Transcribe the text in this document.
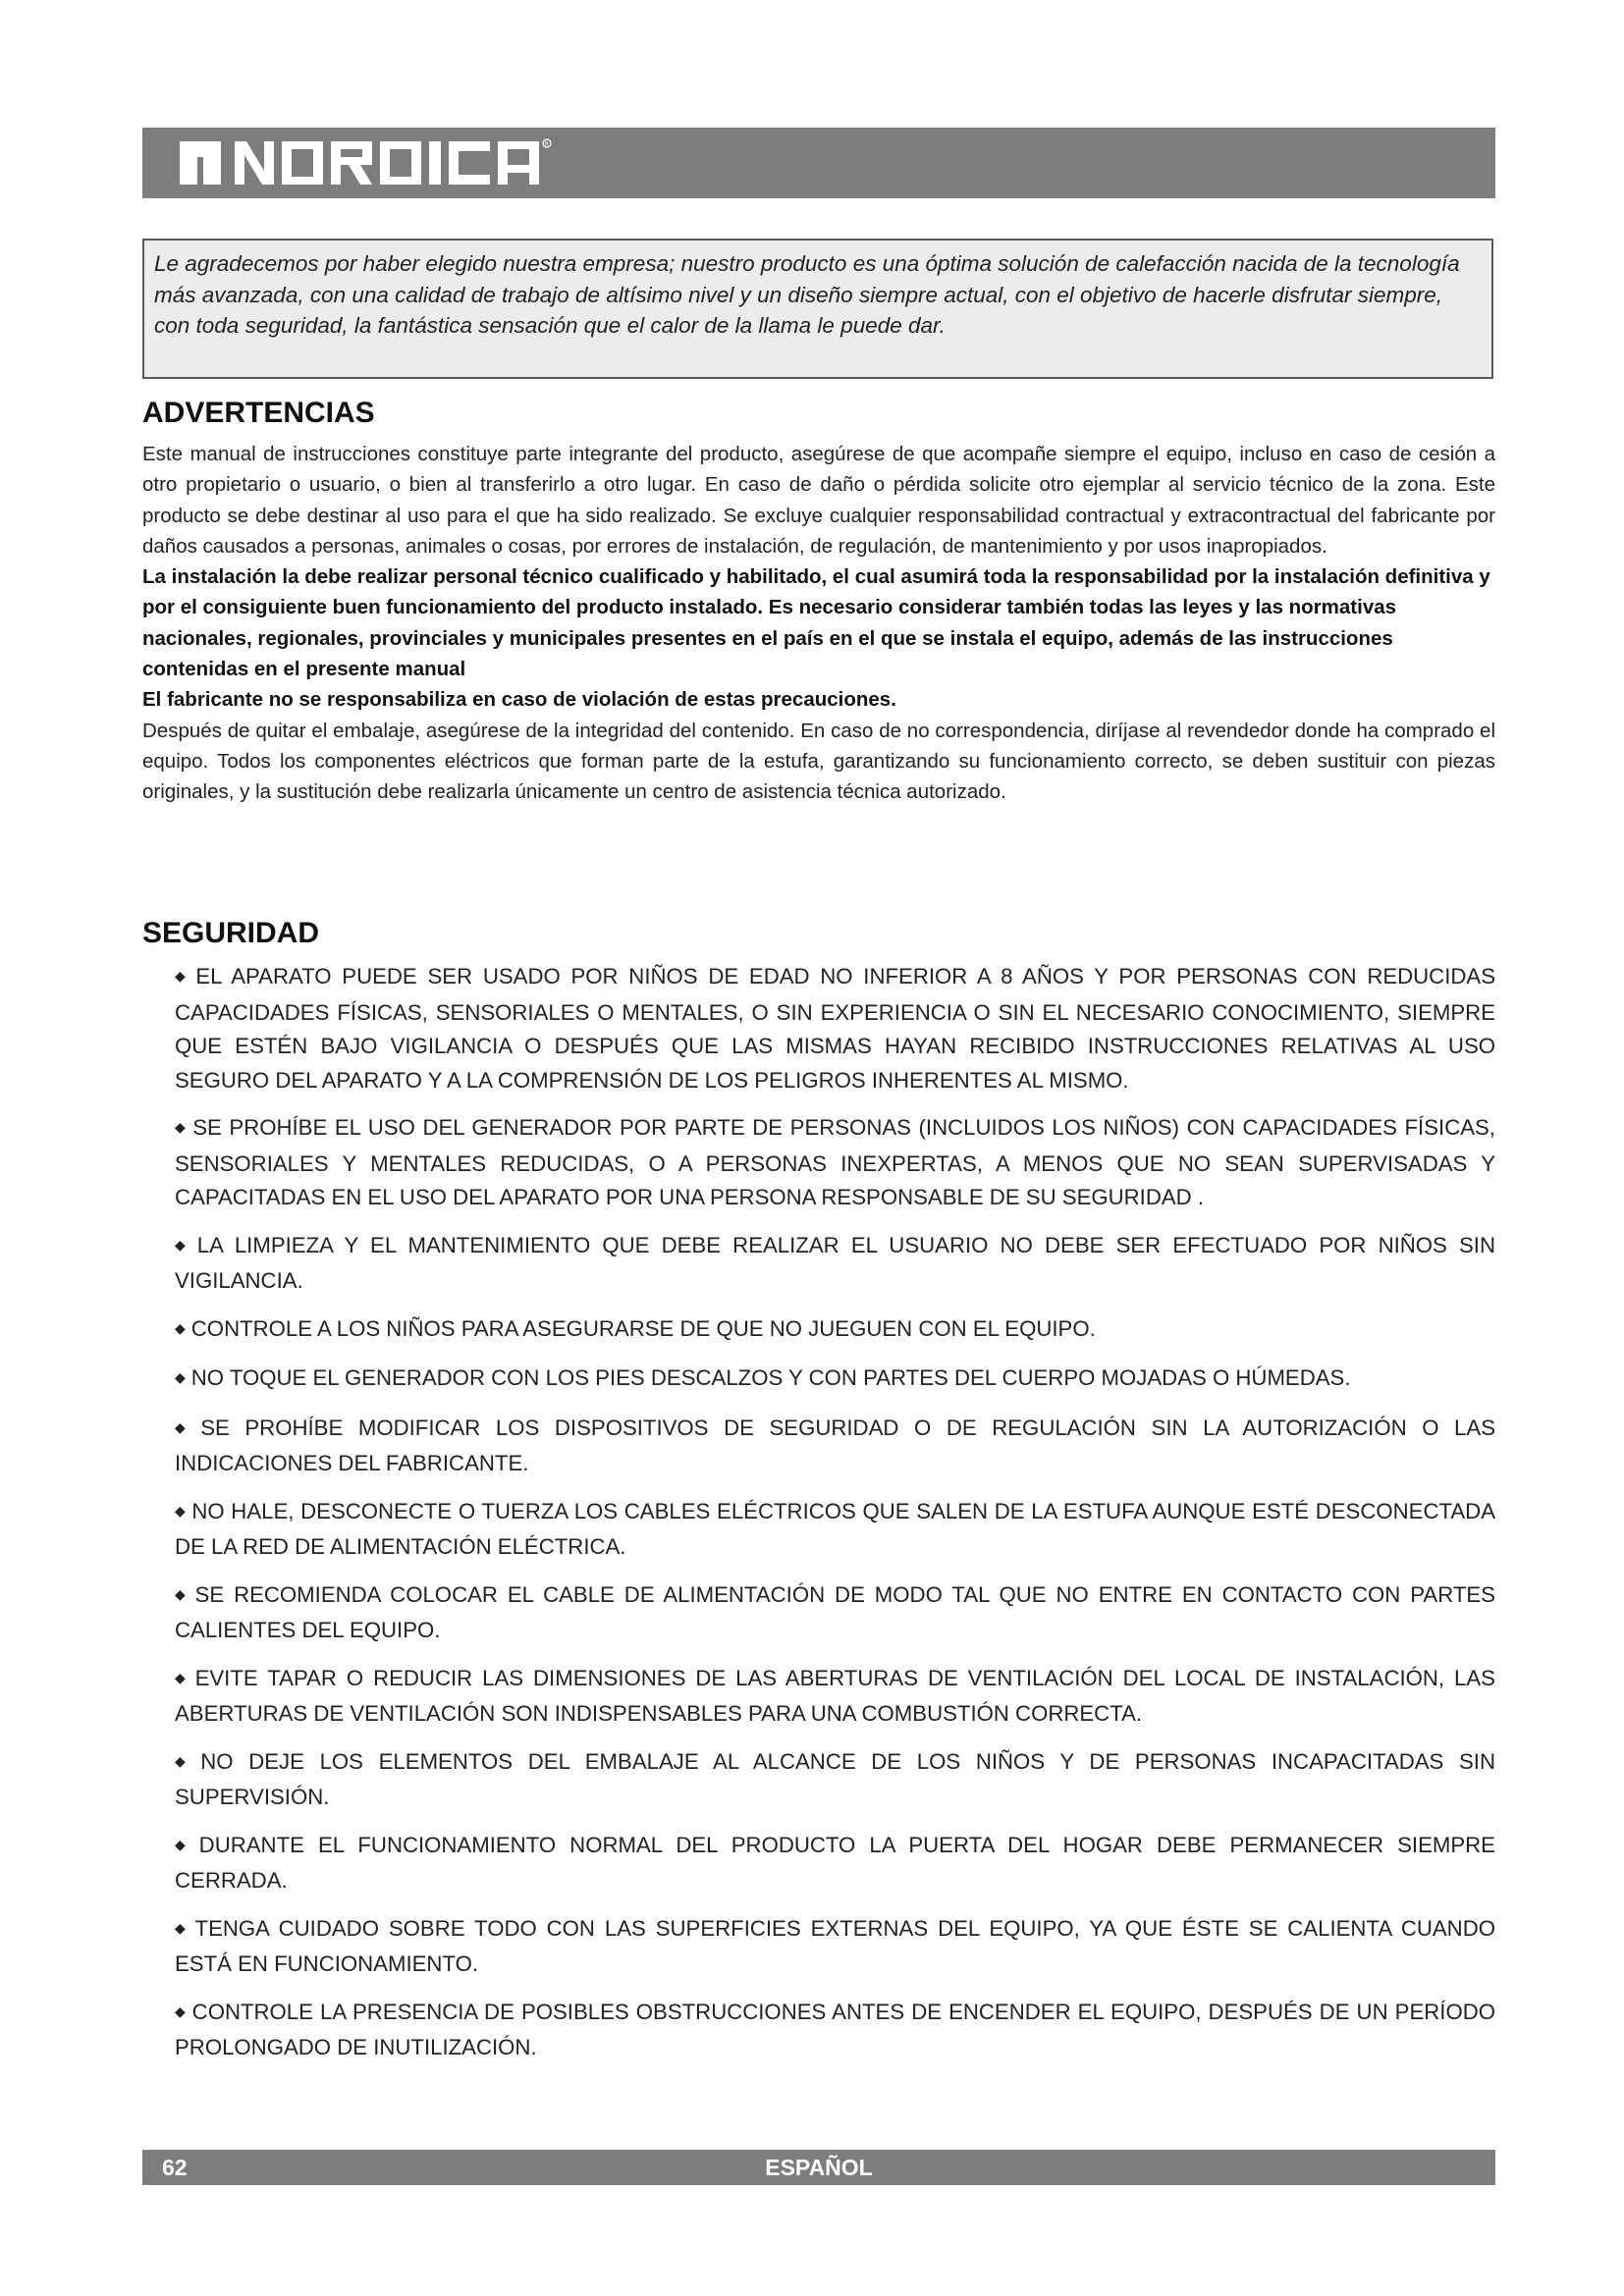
R

Le agradecemos por haber elegido nuestra empresa; nuestro producto es una óptima solución de calefacción nacida de la tecnología más avanzada, con una calidad de trabajo de altísimo nivel y un diseño siempre actual, con el objetivo de hacerle disfrutar siempre, con toda seguridad, la fantástica sensación que el calor de la llama le puede dar.

ADVERTENCIAS

Este manual de instrucciones constituye parte integrante del producto, asegúrese de que acompañe siempre el equipo, incluso en caso de cesión a otro propietario o usuario, o bien al transferirlo a otro lugar. En caso de daño o pérdida solicite otro ejemplar al servicio técnico de la zona. Este producto se debe destinar al uso para el que ha sido realizado. Se excluye cualquier responsabilidad contractual y extracontractual del fabricante por daños causados a personas, animales o cosas, por errores de instalación, de regulación, de mantenimiento y por usos inapropiados.

La instalación la debe realizar personal técnico cualificado y habilitado, el cual asumirá toda la responsabilidad por la instalación definitiva y por el consiguiente buen funcionamiento del producto instalado. Es necesario considerar también todas las leyes y las normativas nacionales, regionales, provinciales y municipales presentes en el país en el que se instala el equipo, además de las instrucciones contenidas en el presente manual

El fabricante no se responsabiliza en caso de violación de estas precauciones.

Después de quitar el embalaje, asegúrese de la integridad del contenido. En caso de no correspondencia, diríjase al revendedor donde ha comprado el equipo. Todos los componentes eléctricos que forman parte de la estufa, garantizando su funcionamiento correcto, se deben sustituir con piezas originales, y la sustitución debe realizarla únicamente un centro de asistencia técnica autorizado.

SEGURIDAD
◆ EL APARATO PUEDE SER USADO POR NIÑOS DE EDAD NO INFERIOR A 8 AÑOS Y POR PERSONAS CON REDUCIDAS CAPACIDADES FÍSICAS, SENSORIALES O MENTALES, O SIN EXPERIENCIA O SIN EL NECESARIO CONOCIMIENTO, SIEMPRE QUE ESTÉN BAJO VIGILANCIA O DESPUÉS QUE LAS MISMAS HAYAN RECIBIDO INSTRUCCIONES RELATIVAS AL USO SEGURO DEL APARATO Y A LA COMPRENSIÓN DE LOS PELIGROS INHERENTES AL MISMO.
◆ SE PROHÍBE EL USO DEL GENERADOR POR PARTE DE PERSONAS (INCLUIDOS LOS NIÑOS) CON CAPACIDADES FÍSICAS, SENSORIALES Y MENTALES REDUCIDAS, O A PERSONAS INEXPERTAS, A MENOS QUE NO SEAN SUPERVISADAS Y CAPACITADAS EN EL USO DEL APARATO POR UNA PERSONA RESPONSABLE DE SU SEGURIDAD .
◆ LA LIMPIEZA Y EL MANTENIMIENTO QUE DEBE REALIZAR EL USUARIO NO DEBE SER EFECTUADO POR NIÑOS SIN VIGILANCIA.
◆ CONTROLE A LOS NIÑOS PARA ASEGURARSE DE QUE NO JUEGUEN CON EL EQUIPO.
◆ NO TOQUE EL GENERADOR CON LOS PIES DESCALZOS Y CON PARTES DEL CUERPO MOJADAS O HÚMEDAS.
◆ SE PROHÍBE MODIFICAR LOS DISPOSITIVOS DE SEGURIDAD O DE REGULACIÓN SIN LA AUTORIZACIÓN O LAS INDICACIONES DEL FABRICANTE.
◆ NO HALE, DESCONECTE O TUERZA LOS CABLES ELÉCTRICOS QUE SALEN DE LA ESTUFA AUNQUE ESTÉ DESCONECTADA DE LA RED DE ALIMENTACIÓN ELÉCTRICA.
◆ SE RECOMIENDA COLOCAR EL CABLE DE ALIMENTACIÓN DE MODO TAL QUE NO ENTRE EN CONTACTO CON PARTES CALIENTES DEL EQUIPO.
◆ EVITE TAPAR O REDUCIR LAS DIMENSIONES DE LAS ABERTURAS DE VENTILACIÓN DEL LOCAL DE INSTALACIÓN, LAS ABERTURAS DE VENTILACIÓN SON INDISPENSABLES PARA UNA COMBUSTIÓN CORRECTA.
◆ NO DEJE LOS ELEMENTOS DEL EMBALAJE AL ALCANCE DE LOS NIÑOS Y DE PERSONAS INCAPACITADAS SIN SUPERVISIÓN.
◆ DURANTE EL FUNCIONAMIENTO NORMAL DEL PRODUCTO LA PUERTA DEL HOGAR DEBE PERMANECER SIEMPRE CERRADA.
◆ TENGA CUIDADO SOBRE TODO CON LAS SUPERFICIES EXTERNAS DEL EQUIPO, YA QUE ÉSTE SE CALIENTA CUANDO ESTÁ EN FUNCIONAMIENTO.
◆ CONTROLE LA PRESENCIA DE POSIBLES OBSTRUCCIONES ANTES DE ENCENDER EL EQUIPO, DESPUÉS DE UN PERÍODO PROLONGADO DE INUTILIZACIÓN.
62	ESPAÑOL
